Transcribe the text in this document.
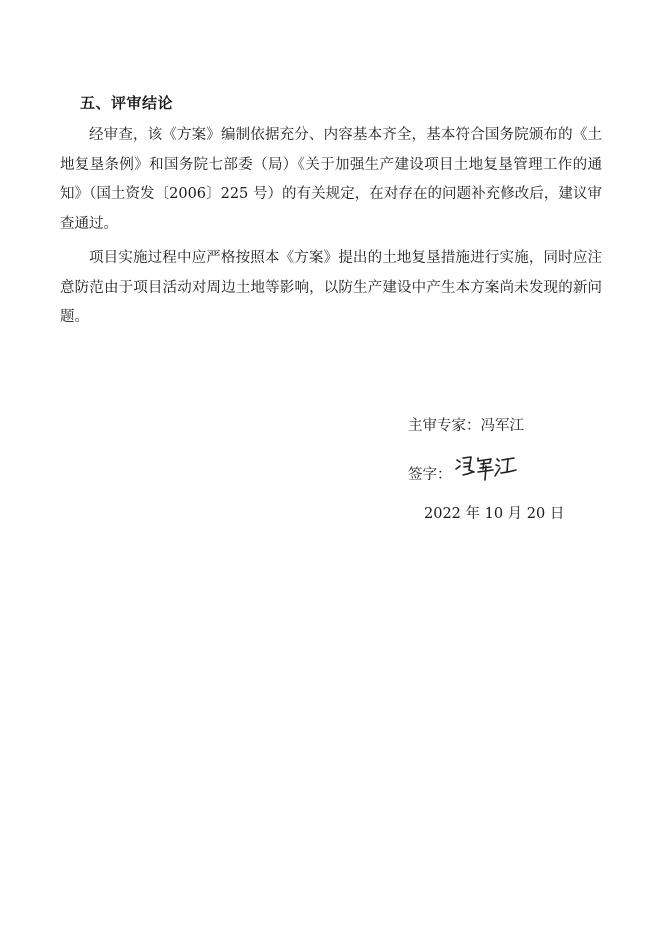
五、评审结论

经审查，该《方案》编制依据充分、内容基本齐全，基本符合国务院颁布的《土地复垦条例》和国务院七部委（局）《关于加强生产建设项目土地复垦管理工作的通知》（国土资发〔2006〕225 号）的有关规定，在对存在的问题补充修改后，建议审查通过。

项目实施过程中应严格按照本《方案》提出的土地复垦措施进行实施，同时应注意防范由于项目活动对周边土地等影响，以防生产建设中产生本方案尚未发现的新问题。

主审专家：冯军江
签字：
2022 年 10 月 20 日
